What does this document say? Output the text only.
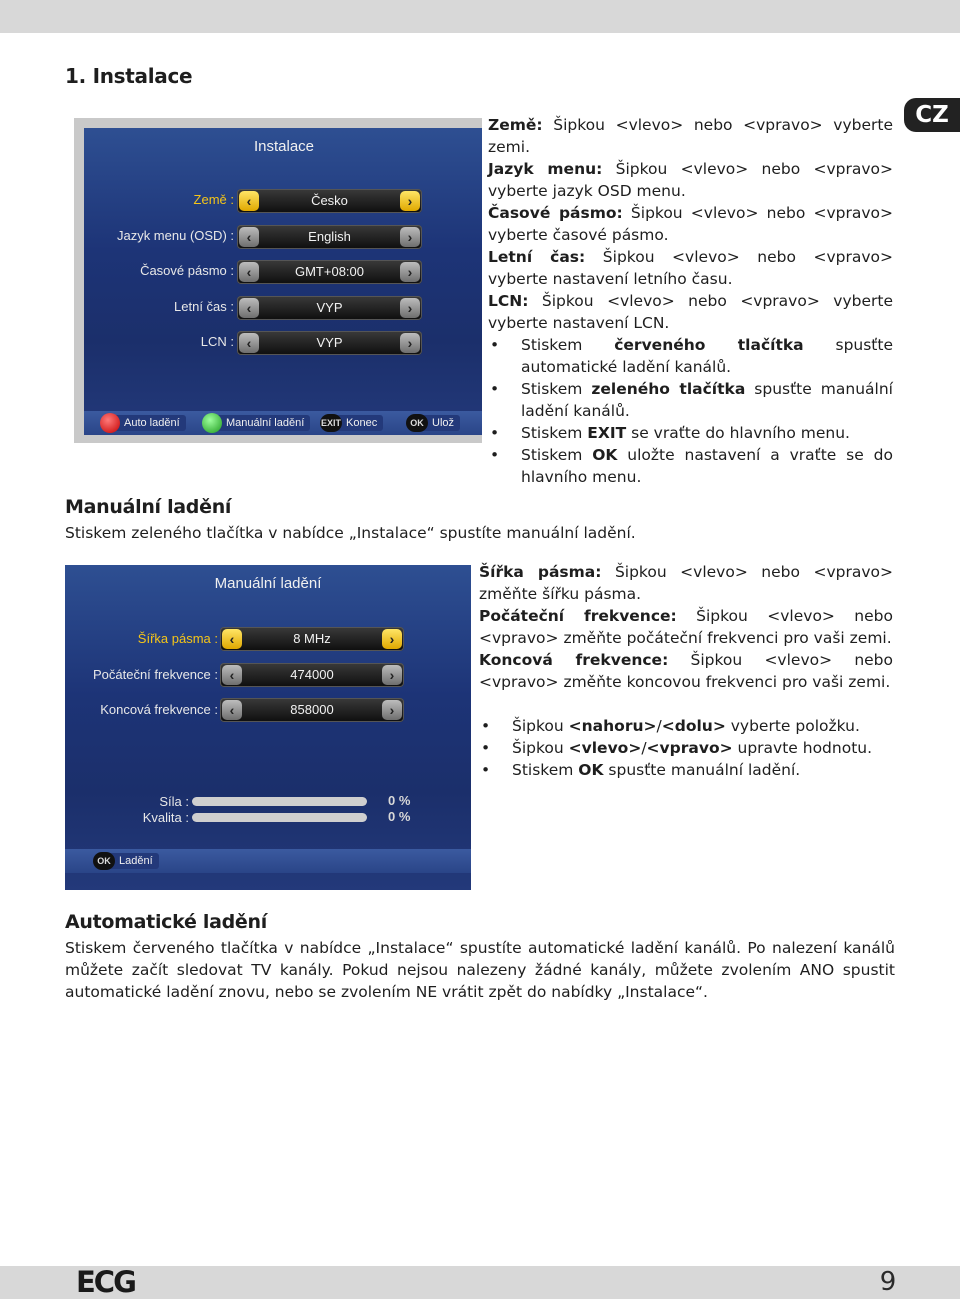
1. Instalace
CZ
Instalace
Země : ‹	Česko	›
Jazyk menu (OSD) : ‹	English	›
Časové pásmo : ‹	GMT+08:00	›
Letní čas : ‹	VYP	›
LCN : ‹	VYP	›
Auto ladění	Manuální ladění	EXIT Konec	OK Ulož
Země: Šipkou <vlevo> nebo <vpravo> vyberte zemi.
Jazyk menu: Šipkou <vlevo> nebo <vpravo> vyberte jazyk OSD menu.
Časové pásmo: Šipkou <vlevo> nebo <vpravo> vyberte časové pásmo.
Letní čas: Šipkou <vlevo> nebo <vpravo> vyberte nastavení letního času.
LCN: Šipkou <vlevo> nebo <vpravo> vyberte vyberte nastavení LCN.
• Stiskem červeného tlačítka spusťte automatické ladění kanálů.
• Stiskem zeleného tlačítka spusťte manuální ladění kanálů.
• Stiskem EXIT se vraťte do hlavního menu.
• Stiskem OK uložte nastavení a vraťte se do hlavního menu.
Manuální ladění
Stiskem zeleného tlačítka v nabídce „Instalace“ spustíte manuální ladění.
Manuální ladění
Šířka pásma : ‹	8 MHz	›
Počáteční frekvence : ‹	474000	›
Koncová frekvence : ‹	858000	›
Síla :	0 %
Kvalita :	0 %
OK Ladění
Šířka pásma: Šipkou <vlevo> nebo <vpravo> změňte šířku pásma.
Počáteční frekvence: Šipkou <vlevo> nebo <vpravo> změňte počáteční frekvenci pro vaši zemi.
Koncová frekvence: Šipkou <vlevo> nebo <vpravo> změňte koncovou frekvenci pro vaši zemi.
• Šipkou <nahoru>/<dolu> vyberte položku.
• Šipkou <vlevo>/<vpravo> upravte hodnotu.
• Stiskem OK spusťte manuální ladění.
Automatické ladění
Stiskem červeného tlačítka v nabídce „Instalace“ spustíte automatické ladění kanálů. Po nalezení kanálů můžete začít sledovat TV kanály. Pokud nejsou nalezeny žádné kanály, můžete zvolením ANO spustit automatické ladění znovu, nebo se zvolením NE vrátit zpět do nabídky „Instalace“.
ECG	9
